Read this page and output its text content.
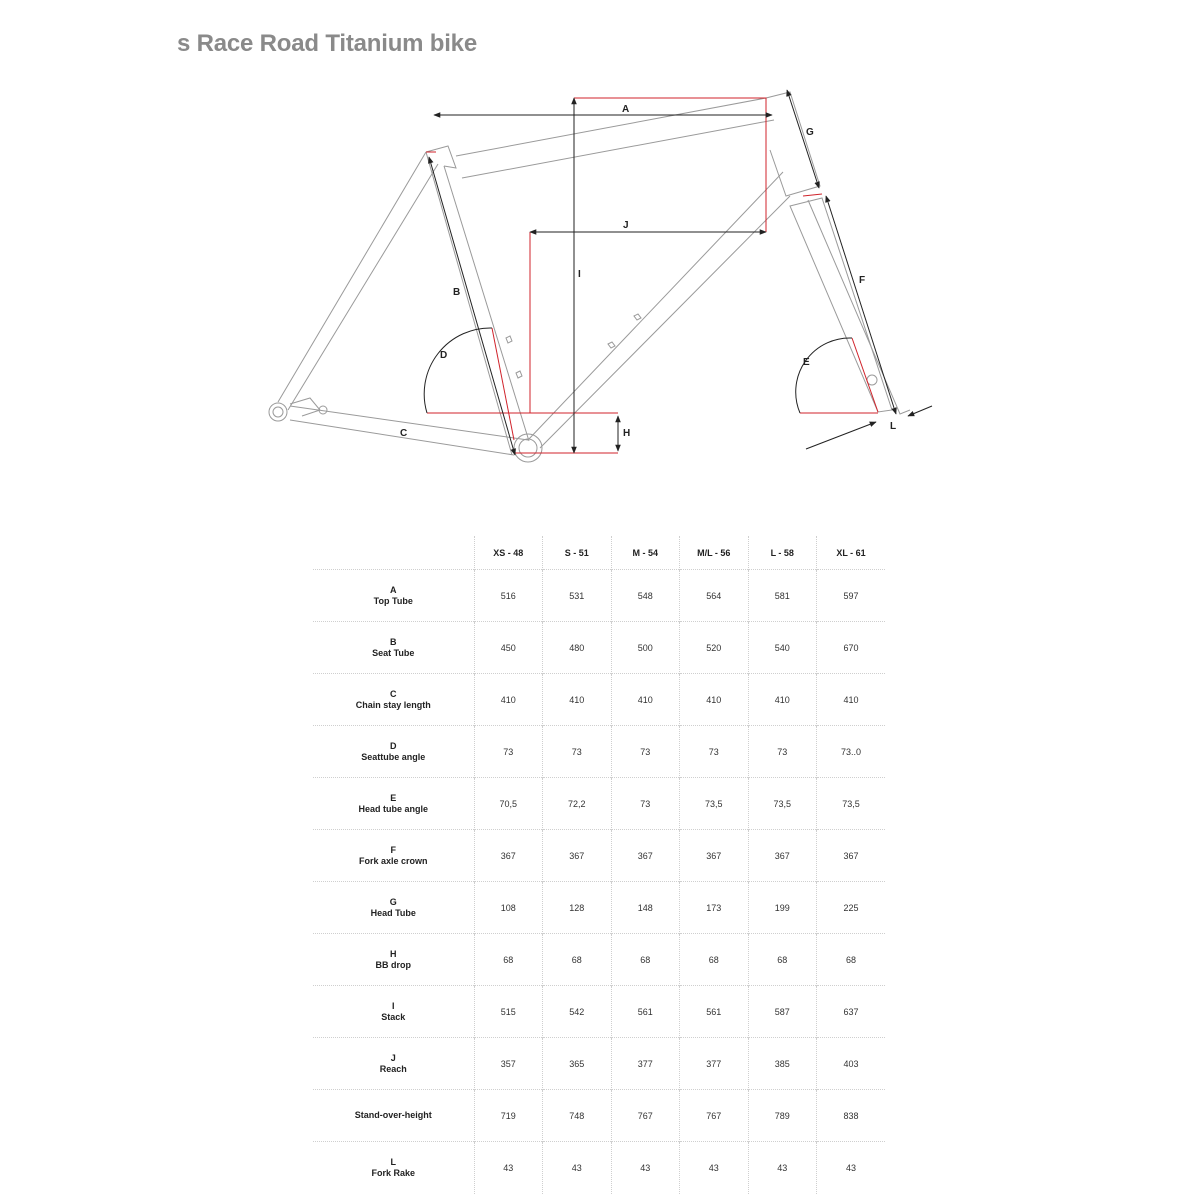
s Race Road Titanium bike
A
B
C
D
E
F
G
H
I
J
L
	XS - 48	S - 51	M - 54	M/L - 56	L - 58	XL - 61

A
Top Tube	516	531	548	564	581	597

B
Seat Tube	450	480	500	520	540	670

C
Chain stay length	410	410	410	410	410	410

D
Seattube angle	73	73	73	73	73	73..0

E
Head tube angle	70,5	72,2	73	73,5	73,5	73,5

F
Fork axle crown	367	367	367	367	367	367

G
Head Tube	108	128	148	173	199	225

H
BB drop	68	68	68	68	68	68

I
Stack	515	542	561	561	587	637

J
Reach	357	365	377	377	385	403

Stand-over-height	719	748	767	767	789	838

L
Fork Rake	43	43	43	43	43	43
